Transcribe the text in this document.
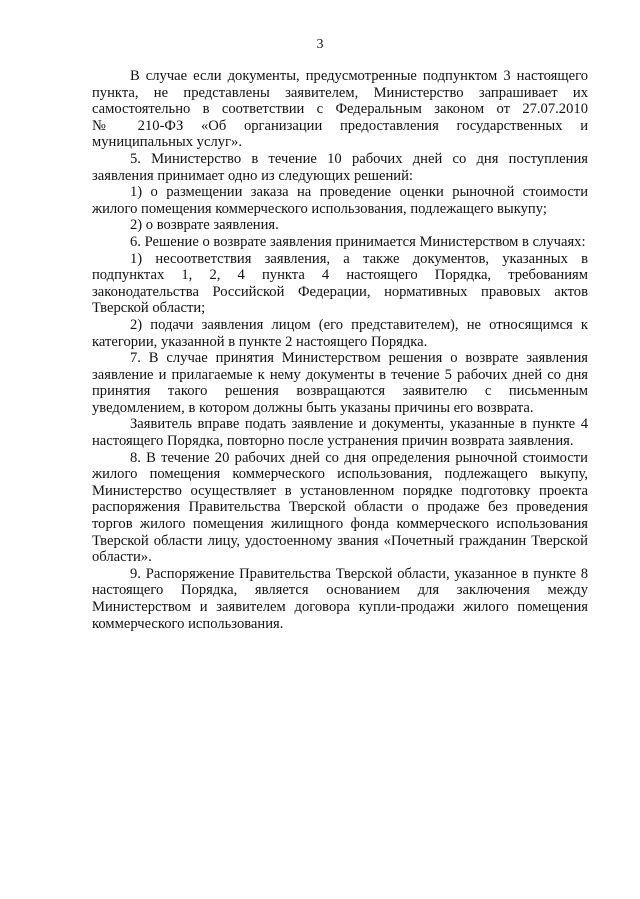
3
В случае если документы, предусмотренные подпунктом 3 настоящего
пункта, не представлены заявителем, Министерство запрашивает их
самостоятельно в соответствии с Федеральным законом от 27.07.2010
№ 210-ФЗ «Об организации предоставления государственных и
муниципальных услуг».
5. Министерство в течение 10 рабочих дней со дня поступления
заявления принимает одно из следующих решений:
1) о размещении заказа на проведение оценки рыночной стоимости
жилого помещения коммерческого использования, подлежащего выкупу;
2) о возврате заявления.
6. Решение о возврате заявления принимается Министерством в случаях:
1) несоответствия заявления, а также документов, указанных в
подпунктах 1, 2, 4 пункта 4 настоящего Порядка, требованиям
законодательства Российской Федерации, нормативных правовых актов
Тверской области;
2) подачи заявления лицом (его представителем), не относящимся к
категории, указанной в пункте 2 настоящего Порядка.
7. В случае принятия Министерством решения о возврате заявления
заявление и прилагаемые к нему документы в течение 5 рабочих дней со дня
принятия такого решения возвращаются заявителю с письменным
уведомлением, в котором должны быть указаны причины его возврата.
Заявитель вправе подать заявление и документы, указанные в пункте 4
настоящего Порядка, повторно после устранения причин возврата заявления.
8. В течение 20 рабочих дней со дня определения рыночной стоимости
жилого помещения коммерческого использования, подлежащего выкупу,
Министерство осуществляет в установленном порядке подготовку проекта
распоряжения Правительства Тверской области о продаже без проведения
торгов жилого помещения жилищного фонда коммерческого использования
Тверской области лицу, удостоенному звания «Почетный гражданин Тверской
области».
9. Распоряжение Правительства Тверской области, указанное в пункте 8
настоящего Порядка, является основанием для заключения между
Министерством и заявителем договора купли-продажи жилого помещения
коммерческого использования.
